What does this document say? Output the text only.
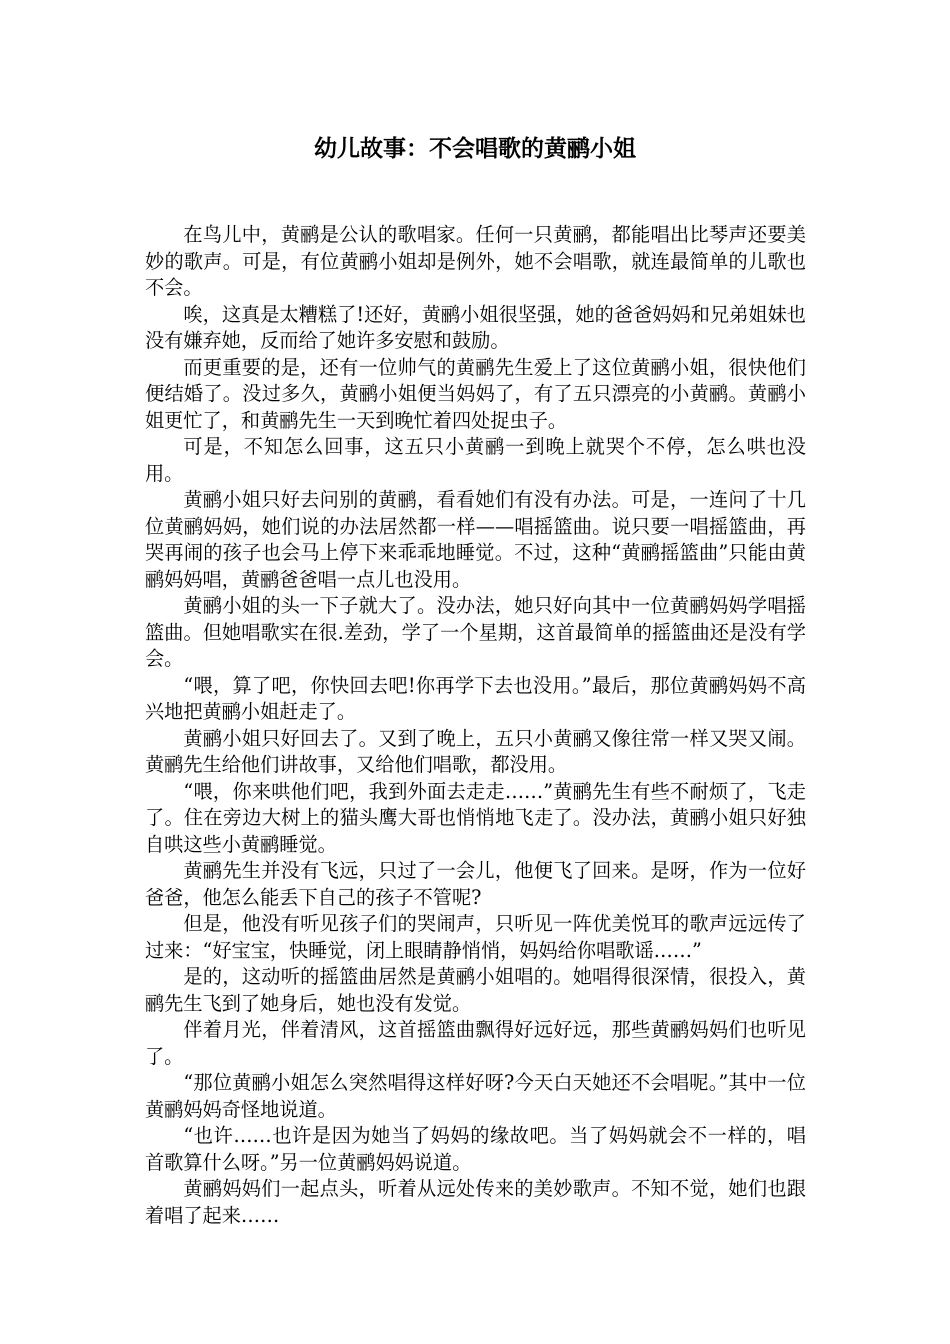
幼儿故事：不会唱歌的黄鹂小姐

在鸟儿中，黄鹂是公认的歌唱家。任何一只黄鹂，都能唱出比琴声还要美妙的歌声。可是，有位黄鹂小姐却是例外，她不会唱歌，就连最简单的儿歌也不会。

唉，这真是太糟糕了!还好，黄鹂小姐很坚强，她的爸爸妈妈和兄弟姐妹也没有嫌弃她，反而给了她许多安慰和鼓励。

而更重要的是，还有一位帅气的黄鹂先生爱上了这位黄鹂小姐，很快他们便结婚了。没过多久，黄鹂小姐便当妈妈了，有了五只漂亮的小黄鹂。黄鹂小姐更忙了，和黄鹂先生一天到晚忙着四处捉虫子。

可是，不知怎么回事，这五只小黄鹂一到晚上就哭个不停，怎么哄也没用。

黄鹂小姐只好去问别的黄鹂，看看她们有没有办法。可是，一连问了十几位黄鹂妈妈，她们说的办法居然都一样——唱摇篮曲。说只要一唱摇篮曲，再哭再闹的孩子也会马上停下来乖乖地睡觉。不过，这种“黄鹂摇篮曲”只能由黄鹂妈妈唱，黄鹂爸爸唱一点儿也没用。

黄鹂小姐的头一下子就大了。没办法，她只好向其中一位黄鹂妈妈学唱摇篮曲。但她唱歌实在很.差劲，学了一个星期，这首最简单的摇篮曲还是没有学会。

“喂，算了吧，你快回去吧!你再学下去也没用。”最后，那位黄鹂妈妈不高兴地把黄鹂小姐赶走了。

黄鹂小姐只好回去了。又到了晚上，五只小黄鹂又像往常一样又哭又闹。黄鹂先生给他们讲故事，又给他们唱歌，都没用。

“喂，你来哄他们吧，我到外面去走走……”黄鹂先生有些不耐烦了，飞走了。住在旁边大树上的猫头鹰大哥也悄悄地飞走了。没办法，黄鹂小姐只好独自哄这些小黄鹂睡觉。

黄鹂先生并没有飞远，只过了一会儿，他便飞了回来。是呀，作为一位好爸爸，他怎么能丢下自己的孩子不管呢?

但是，他没有听见孩子们的哭闹声，只听见一阵优美悦耳的歌声远远传了过来：“好宝宝，快睡觉，闭上眼睛静悄悄，妈妈给你唱歌谣……”

是的，这动听的摇篮曲居然是黄鹂小姐唱的。她唱得很深情，很投入，黄鹂先生飞到了她身后，她也没有发觉。

伴着月光，伴着清风，这首摇篮曲飘得好远好远，那些黄鹂妈妈们也听见了。

“那位黄鹂小姐怎么突然唱得这样好呀?今天白天她还不会唱呢。”其中一位黄鹂妈妈奇怪地说道。

“也许……也许是因为她当了妈妈的缘故吧。当了妈妈就会不一样的，唱首歌算什么呀。”另一位黄鹂妈妈说道。

黄鹂妈妈们一起点头，听着从远处传来的美妙歌声。不知不觉，她们也跟着唱了起来……
